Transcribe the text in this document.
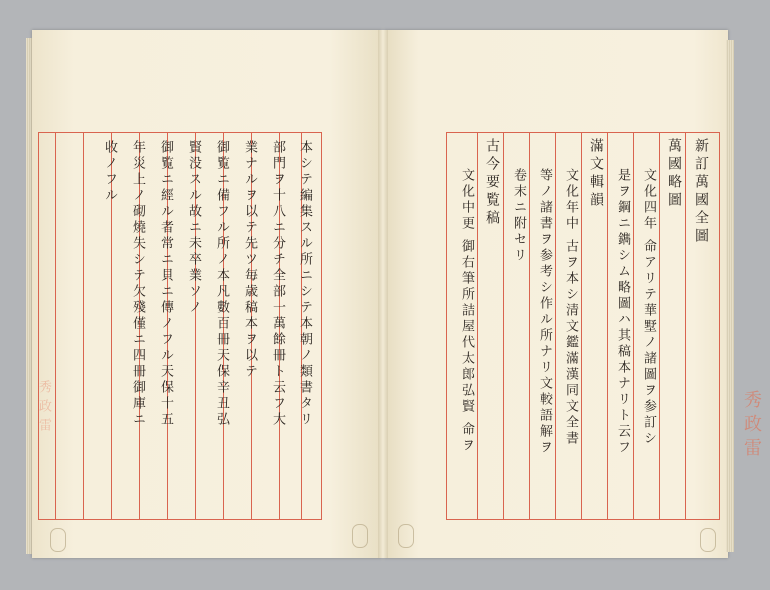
本シテ編集スル所ニシテ本朝ノ類書タリ
部門ヲ十八ニ分チ全部一萬餘冊ト云フ大
業ナルヲ以テ先ツ毎歳稿本ヲ以テ
御覧ニ備フル所ノ本凡數百冊天保辛丑弘
賢没スル故ニ未卒業ソノ
御覧ニ經ル者常ニ貝ニ傳ノフル天保十五
年災上ノ砌燒失シテ欠殘僅ニ四冊御庫ニ
收ノフル	新訂萬國全圖
萬國略圖
文化四年 命アリテ華墅ノ諸圖ヲ参訂シ
是ヲ鋼ニ鐫シム略圖ハ其稿本ナリト云フ
滿文輯韻
文化年中 古ヲ本シ清文鑑滿漢同文全書
等ノ諸書ヲ参考シ作ル所ナリ文較語解ヲ
卷末ニ附セリ
古今要覧稿
文化中更 御右筆所詰屋代太郎弘賢 命ヲ	秀政雷
秀政雷
